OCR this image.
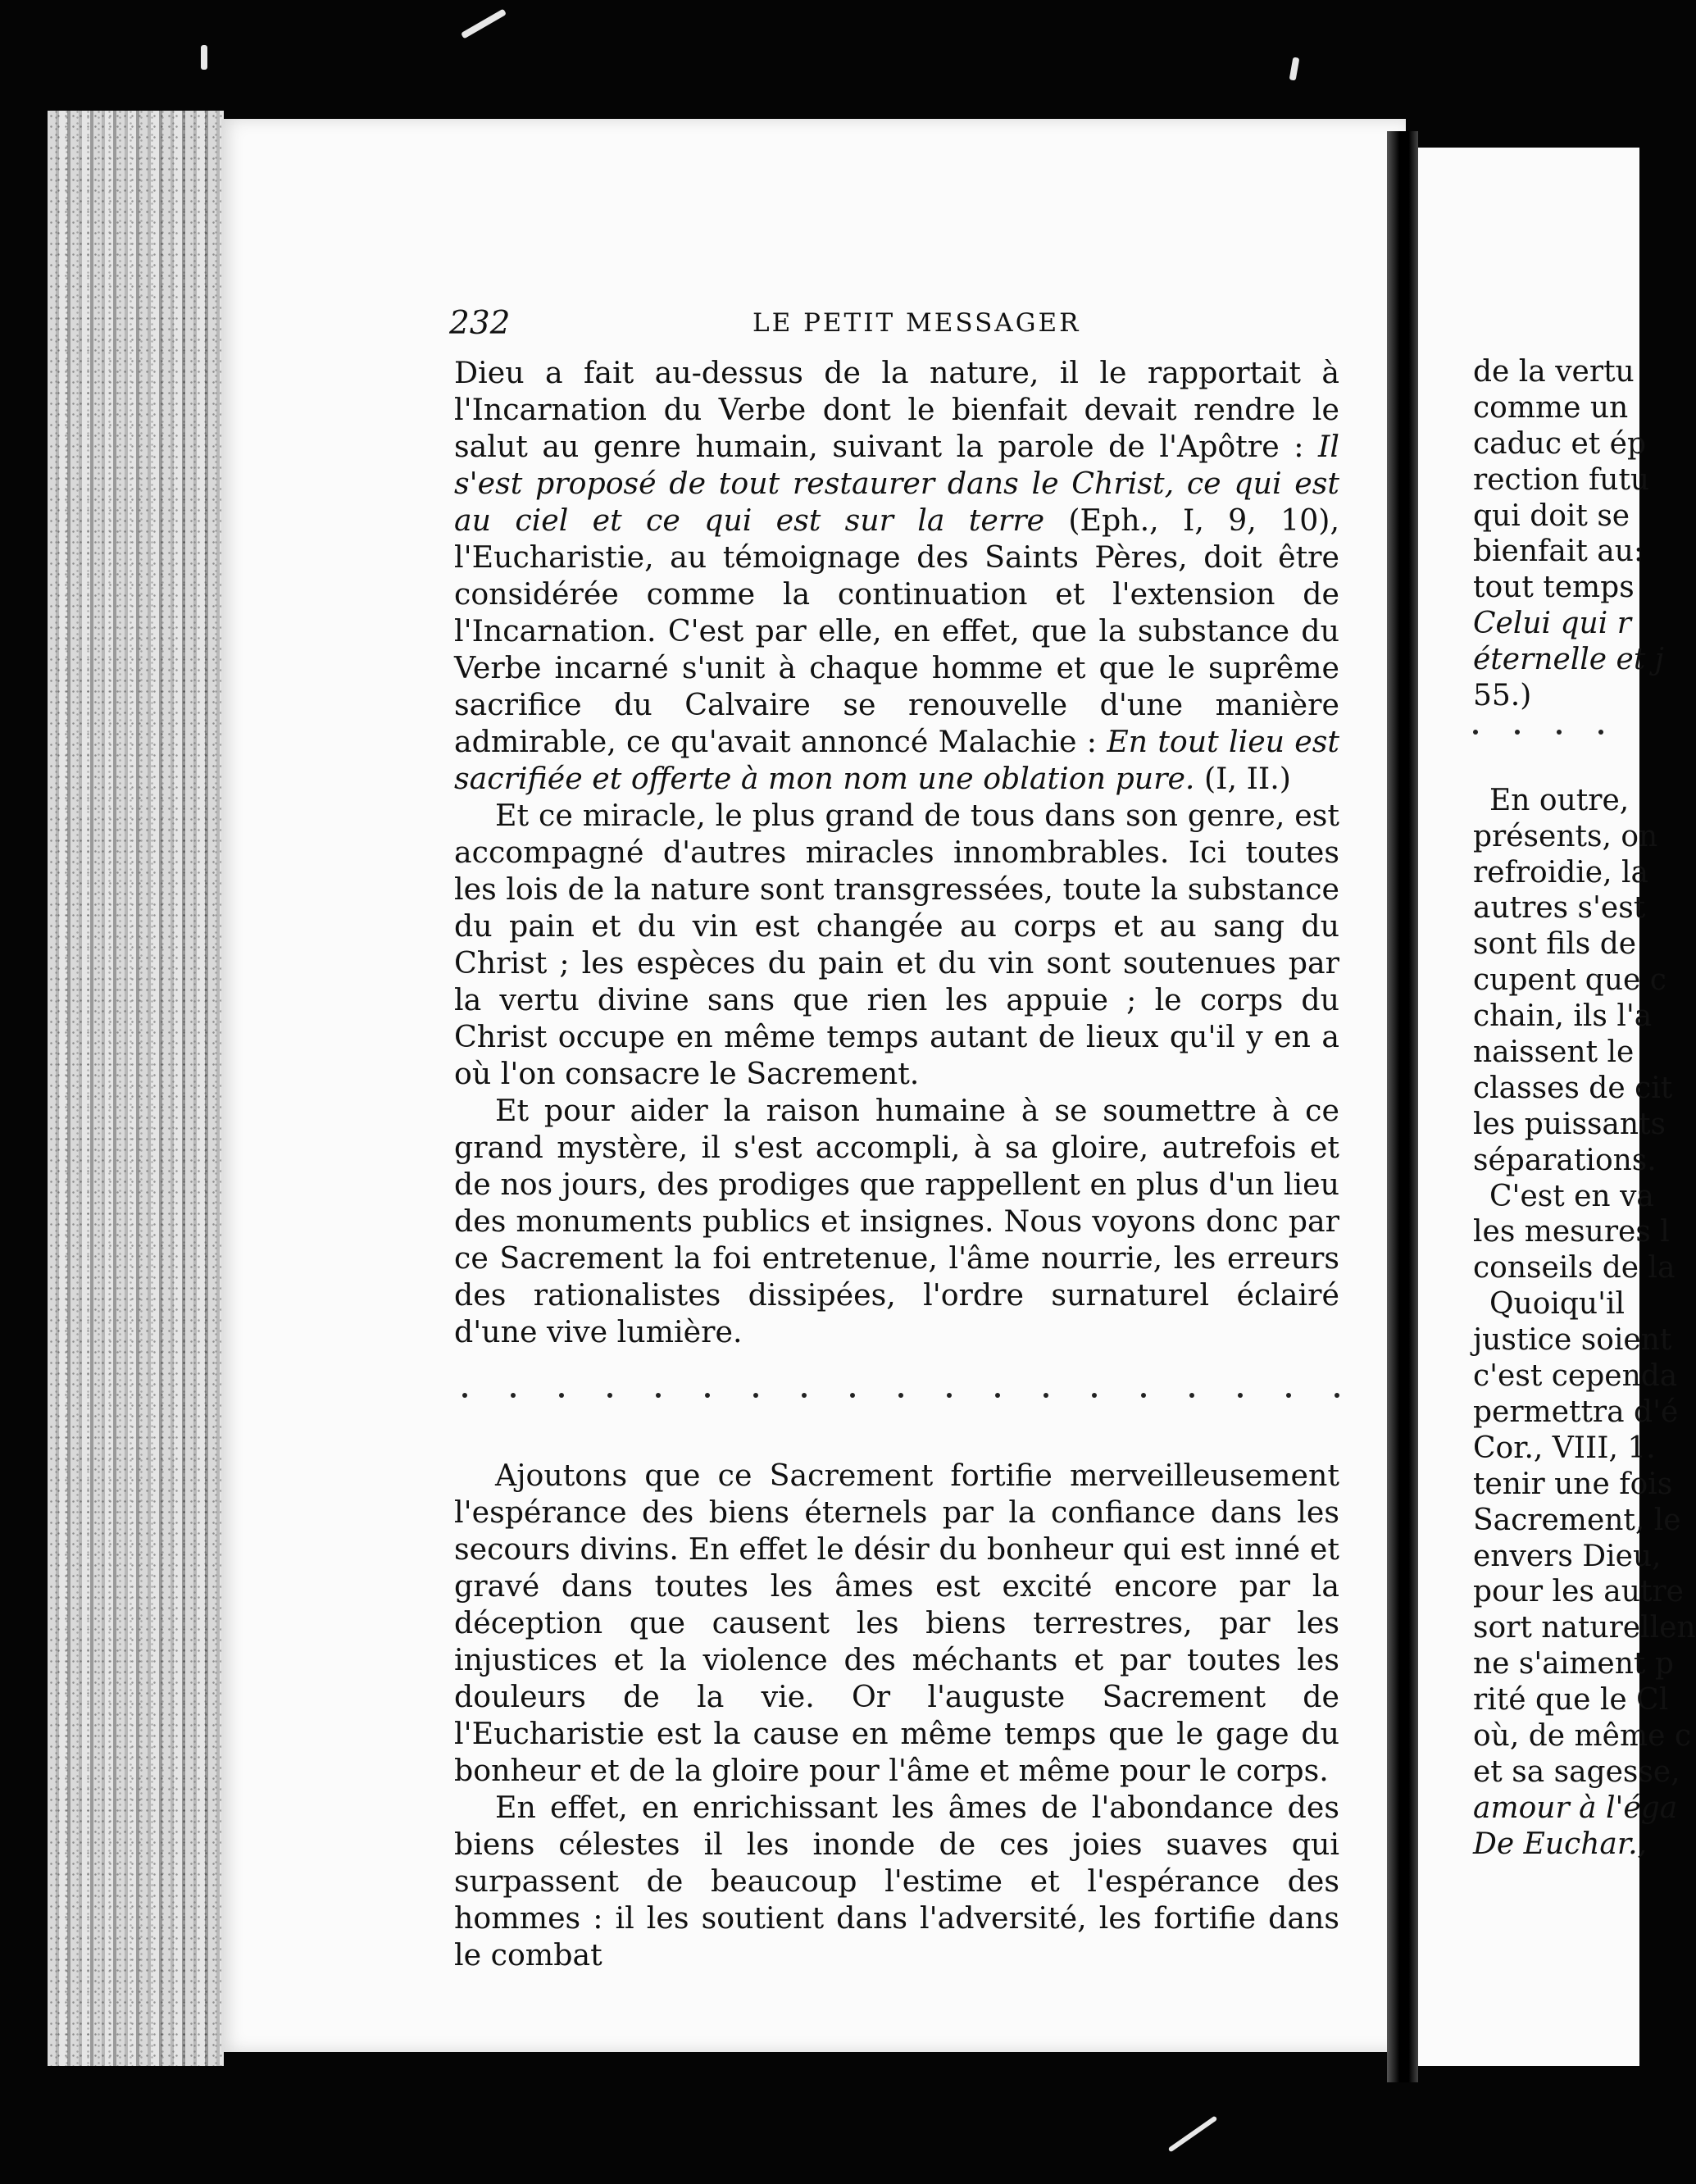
232	LE PETIT MESSAGER

Dieu a fait au-dessus de la nature, il le rapportait à l'Incarnation du Verbe dont le bienfait devait rendre le salut au genre humain, suivant la parole de l'Apôtre : Il s'est proposé de tout restaurer dans le Christ, ce qui est au ciel et ce qui est sur la terre (Eph., I, 9, 10), l'Eucharistie, au témoignage des Saints Pères, doit être considérée comme la continuation et l'extension de l'Incarnation. C'est par elle, en effet, que la substance du Verbe incarné s'unit à chaque homme et que le suprême sacrifice du Calvaire se renouvelle d'une manière admirable, ce qu'avait annoncé Malachie : En tout lieu est sacrifiée et offerte à mon nom une oblation pure. (I, II.)

Et ce miracle, le plus grand de tous dans son genre, est accompagné d'autres miracles innombrables. Ici toutes les lois de la nature sont transgressées, toute la substance du pain et du vin est changée au corps et au sang du Christ ; les espèces du pain et du vin sont soutenues par la vertu divine sans que rien les appuie ; le corps du Christ occupe en même temps autant de lieux qu'il y en a où l'on consacre le Sacrement.

Et pour aider la raison humaine à se soumettre à ce grand mystère, il s'est accompli, à sa gloire, autrefois et de nos jours, des prodiges que rappellent en plus d'un lieu des monuments publics et insignes. Nous voyons donc par ce Sacrement la foi entretenue, l'âme nourrie, les erreurs des rationalistes dissipées, l'ordre surnaturel éclairé d'une vive lumière.

Ajoutons que ce Sacrement fortifie merveilleusement l'espérance des biens éternels par la confiance dans les secours divins. En effet le désir du bonheur qui est inné et gravé dans toutes les âmes est excité encore par la déception que causent les biens terrestres, par les injustices et la violence des méchants et par toutes les douleurs de la vie. Or l'auguste Sacrement de l'Eucharistie est la cause en même temps que le gage du bonheur et de la gloire pour l'âme et même pour le corps.

En effet, en enrichissant les âmes de l'abondance des biens célestes il les inonde de ces joies suaves qui surpassent de beaucoup l'estime et l'espérance des hommes : il les soutient dans l'adversité, les fortifie dans le combat

de la vertu
comme un
caduc et ép
rection futu
qui doit se
bienfait au:
tout temps
Celui qui r
éternelle et j
55.)
En outre,
présents, on
refroidie, la
autres s'est
sont fils de
cupent que c
chain, ils l'a
naissent le
classes de cit
les puissants
séparations.
C'est en va
les mesures l
conseils de la
Quoiqu'il
justice soient
c'est cependa
permettra d'é
Cor., VIII, 1.
tenir une fois
Sacrement, le
envers Dieu,
pour les autre
sort naturellen
ne s'aiment p
rité que le Cl
où, de même c
et sa sagesse,
amour à l'éga
De Euchar.,
